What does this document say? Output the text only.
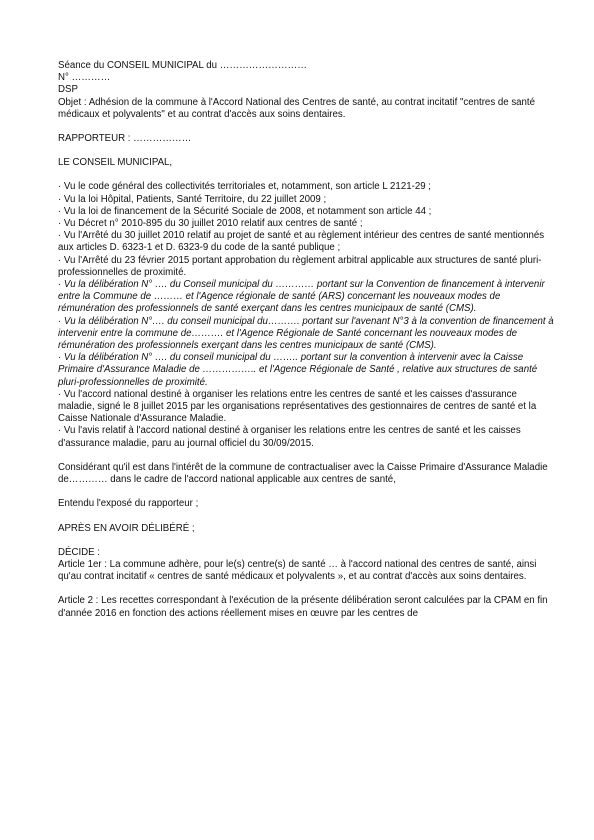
Séance du CONSEIL MUNICIPAL du ………………………

N° …………

DSP

Objet : Adhésion de la commune à l'Accord National des Centres de santé, au contrat incitatif "centres de santé médicaux et polyvalents" et au contrat d'accès aux soins dentaires.

RAPPORTEUR : ………………

LE CONSEIL MUNICIPAL,

· Vu le code général des collectivités territoriales et, notamment, son article L 2121-29 ;

· Vu la loi Hôpital, Patients, Santé Territoire, du 22 juillet 2009 ;

· Vu la loi de financement de la Sécurité Sociale de 2008, et notamment son article 44 ;

· Vu Décret n° 2010-895 du 30 juillet 2010 relatif aux centres de santé ;

· Vu l'Arrêté du 30 juillet 2010 relatif au projet de santé et au règlement intérieur des centres de santé mentionnés aux articles D. 6323-1 et D. 6323-9 du code de la santé publique ;

· Vu l'Arrêté du 23 février 2015 portant approbation du règlement arbitral applicable aux structures de santé pluri-professionnelles de proximité.

· Vu la délibération N° …. du Conseil municipal du ………… portant sur la Convention de financement à intervenir entre la Commune de ……… et l'Agence régionale de santé (ARS) concernant les nouveaux modes de rémunération des professionnels de santé exerçant dans les centres municipaux de santé (CMS).

· Vu la délibération N°…. du conseil municipal du………. portant sur l'avenant N°3 à la convention de financement à intervenir entre la commune de………. et l'Agence Régionale de Santé concernant les nouveaux modes de rémunération des professionnels exerçant dans les centres municipaux de santé (CMS).

· Vu la délibération N° …. du conseil municipal du …….. portant sur la convention à intervenir avec la Caisse Primaire d'Assurance Maladie de …………….. et l'Agence Régionale de Santé , relative aux structures de santé pluri-professionnelles de proximité.

· Vu l'accord national destiné à organiser les relations entre les centres de santé et les caisses d'assurance maladie, signé le 8 juillet 2015 par les organisations représentatives des gestionnaires de centres de santé et la Caisse Nationale d'Assurance Maladie.

· Vu l'avis relatif à l'accord national destiné à organiser les relations entre les centres de santé et les caisses d'assurance maladie, paru au journal officiel du 30/09/2015.

Considérant qu'il est dans l'intérêt de la commune de contractualiser avec la Caisse Primaire d'Assurance Maladie de………… dans le cadre de l'accord national applicable aux centres de santé,

Entendu l'exposé du rapporteur ;

APRÈS EN AVOIR DÉLIBÉRÉ ;

DÉCIDE :

Article 1er : La commune adhère, pour le(s) centre(s) de santé … à l'accord national des centres de santé, ainsi qu'au contrat incitatif « centres de santé médicaux et polyvalents », et au contrat d'accès aux soins dentaires.

Article 2 : Les recettes correspondant à l'exécution de la présente délibération seront calculées par la CPAM en fin d'année 2016 en fonction des actions réellement mises en œuvre par les centres de
